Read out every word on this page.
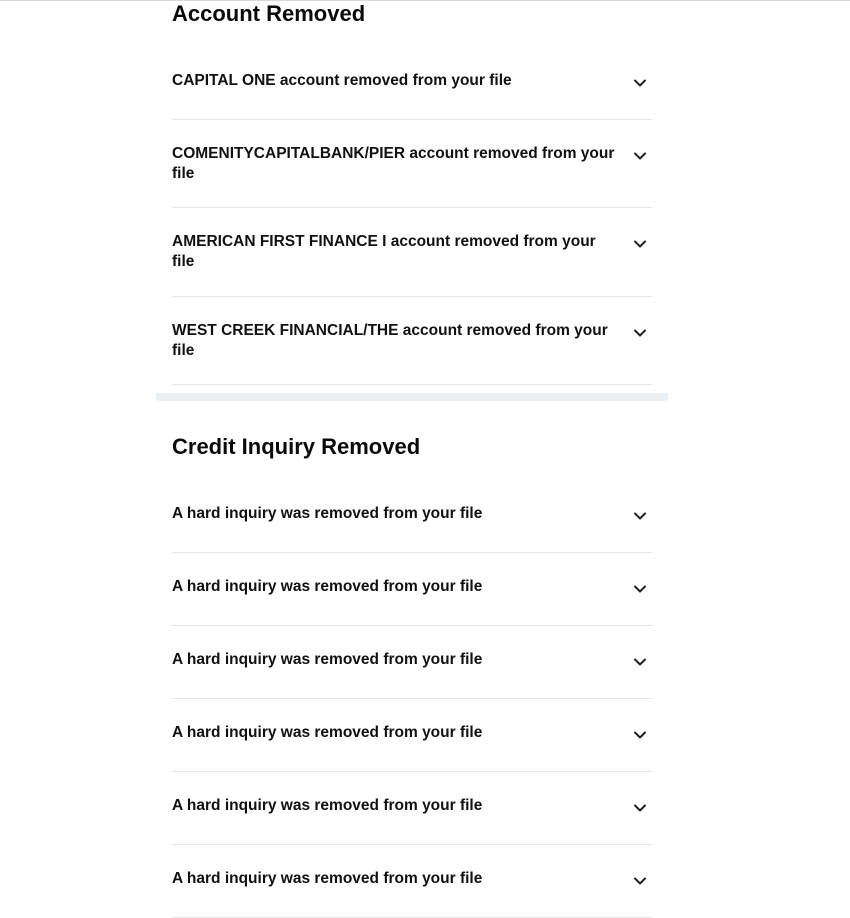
Account Removed
CAPITAL ONE account removed from your file
COMENITYCAPITALBANK/PIER account removed from your file
AMERICAN FIRST FINANCE I account removed from your file
WEST CREEK FINANCIAL/THE account removed from your file
Credit Inquiry Removed
A hard inquiry was removed from your file
A hard inquiry was removed from your file
A hard inquiry was removed from your file
A hard inquiry was removed from your file
A hard inquiry was removed from your file
A hard inquiry was removed from your file
